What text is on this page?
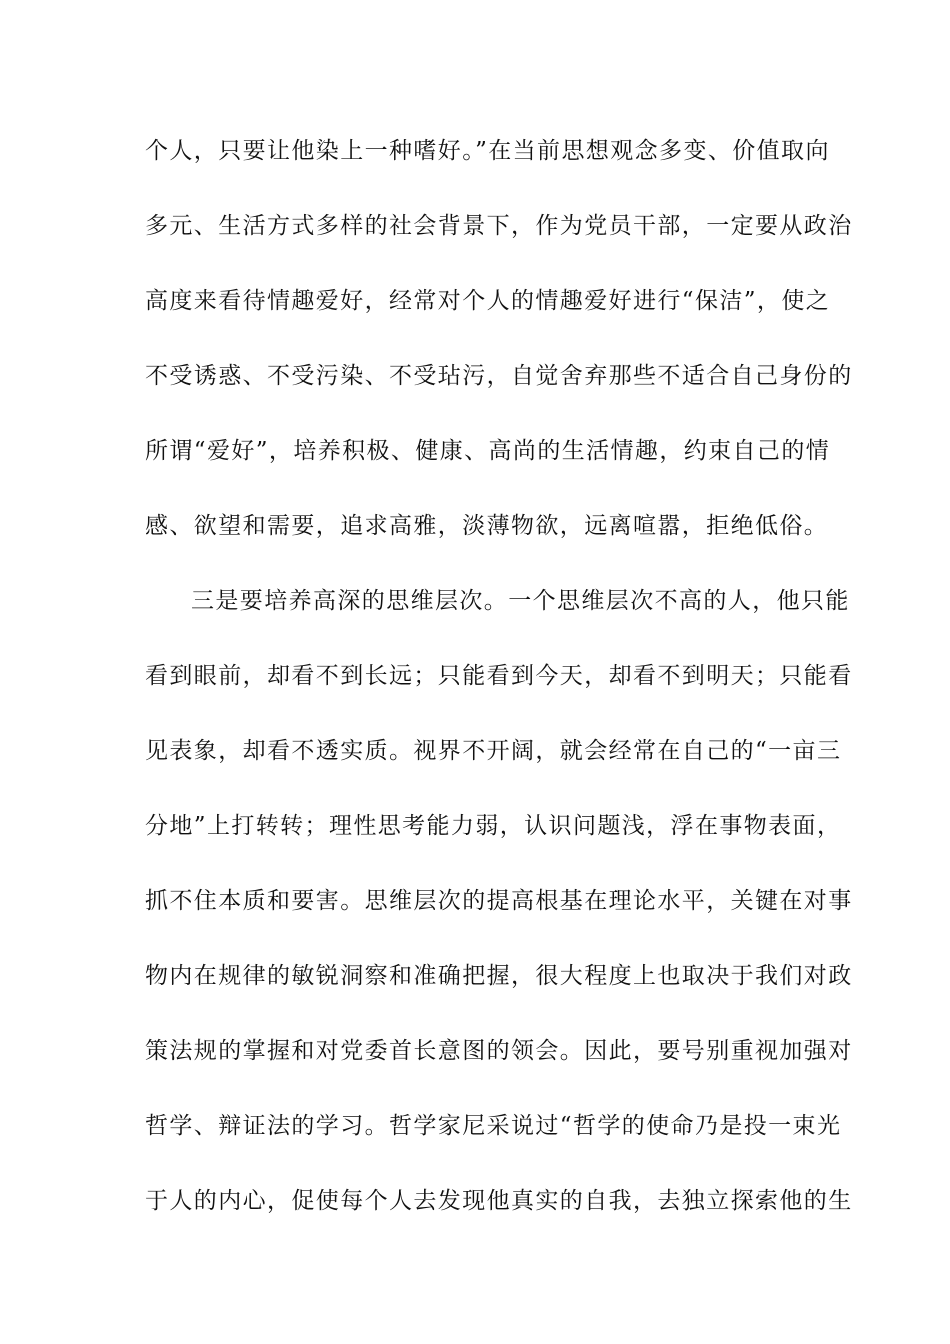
个人，只要让他染上一种嗜好。”在当前思想观念多变、价值取向
多元、生活方式多样的社会背景下，作为党员干部，一定要从政治
高度来看待情趣爱好，经常对个人的情趣爱好进行“保洁”，使之
不受诱惑、不受污染、不受玷污，自觉舍弃那些不适合自己身份的
所谓“爱好”，培养积极、健康、高尚的生活情趣，约束自己的情
感、欲望和需要，追求高雅，淡薄物欲，远离喧嚣，拒绝低俗。
三是要培养高深的思维层次。一个思维层次不高的人，他只能
看到眼前，却看不到长远；只能看到今天，却看不到明天；只能看
见表象，却看不透实质。视界不开阔，就会经常在自己的“一亩三
分地”上打转转；理性思考能力弱，认识问题浅，浮在事物表面，
抓不住本质和要害。思维层次的提高根基在理论水平，关键在对事
物内在规律的敏锐洞察和准确把握，很大程度上也取决于我们对政
策法规的掌握和对党委首长意图的领会。因此，要号别重视加强对
哲学、辩证法的学习。哲学家尼采说过“哲学的使命乃是投一束光
于人的内心，促使每个人去发现他真实的自我，去独立探索他的生
